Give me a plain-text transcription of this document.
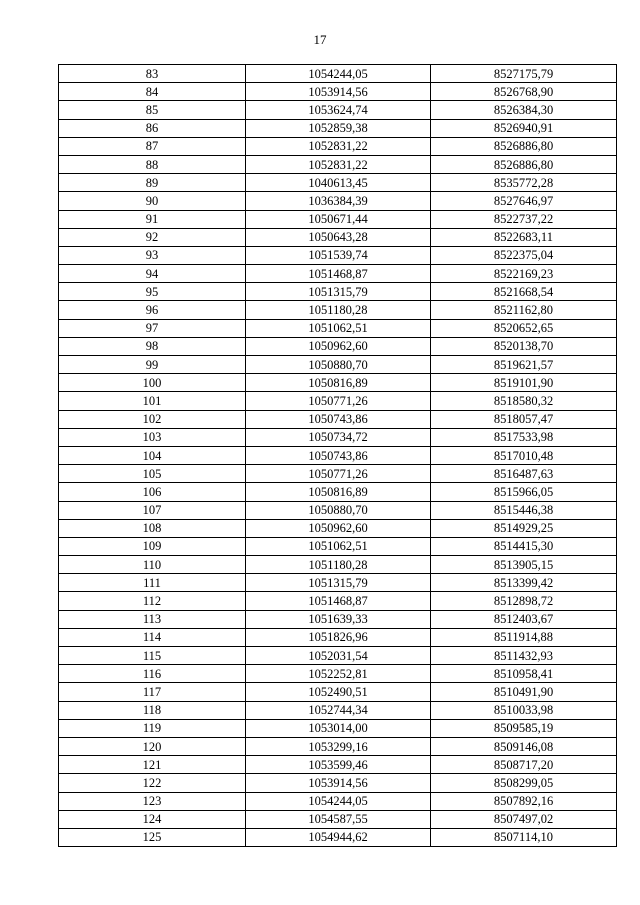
17
83	1054244,05	8527175,79
84	1053914,56	8526768,90
85	1053624,74	8526384,30
86	1052859,38	8526940,91
87	1052831,22	8526886,80
88	1052831,22	8526886,80
89	1040613,45	8535772,28
90	1036384,39	8527646,97
91	1050671,44	8522737,22
92	1050643,28	8522683,11
93	1051539,74	8522375,04
94	1051468,87	8522169,23
95	1051315,79	8521668,54
96	1051180,28	8521162,80
97	1051062,51	8520652,65
98	1050962,60	8520138,70
99	1050880,70	8519621,57
100	1050816,89	8519101,90
101	1050771,26	8518580,32
102	1050743,86	8518057,47
103	1050734,72	8517533,98
104	1050743,86	8517010,48
105	1050771,26	8516487,63
106	1050816,89	8515966,05
107	1050880,70	8515446,38
108	1050962,60	8514929,25
109	1051062,51	8514415,30
110	1051180,28	8513905,15
111	1051315,79	8513399,42
112	1051468,87	8512898,72
113	1051639,33	8512403,67
114	1051826,96	8511914,88
115	1052031,54	8511432,93
116	1052252,81	8510958,41
117	1052490,51	8510491,90
118	1052744,34	8510033,98
119	1053014,00	8509585,19
120	1053299,16	8509146,08
121	1053599,46	8508717,20
122	1053914,56	8508299,05
123	1054244,05	8507892,16
124	1054587,55	8507497,02
125	1054944,62	8507114,10
